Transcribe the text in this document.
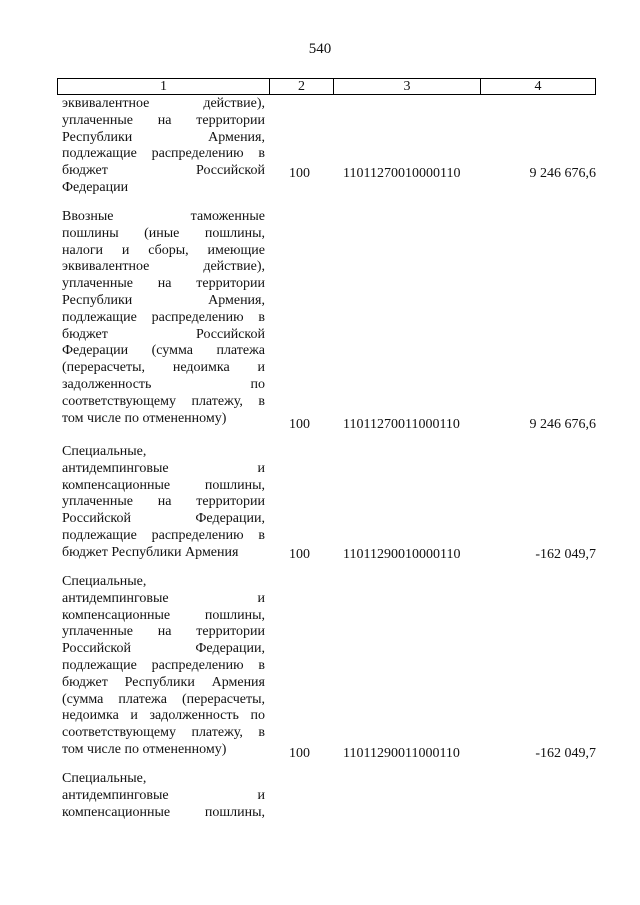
540
1	2	3	4
эквивалентное действие),
уплаченные на территории
Республики Армения,
подлежащие распределению в
бюджет Российской
Федерации
100	11011270010000110	9 246 676,6
Ввозные таможенные
пошлины (иные пошлины,
налоги и сборы, имеющие
эквивалентное действие),
уплаченные на территории
Республики Армения,
подлежащие распределению в
бюджет Российской
Федерации (сумма платежа
(перерасчеты, недоимка и
задолженность по
соответствующему платежу, в
том числе по отмененному)	100	11011270011000110	9 246 676,6
Специальные,
антидемпинговые и
компенсационные пошлины,
уплаченные на территории
Российской Федерации,
подлежащие распределению в
бюджет Республики Армения	100	11011290010000110	-162 049,7
Специальные,
антидемпинговые и
компенсационные пошлины,
уплаченные на территории
Российской Федерации,
подлежащие распределению в
бюджет Республики Армения
(сумма платежа (перерасчеты,
недоимка и задолженность по
соответствующему платежу, в
том числе по отмененному)	100	11011290011000110	-162 049,7
Специальные,
антидемпинговые и
компенсационные пошлины,
